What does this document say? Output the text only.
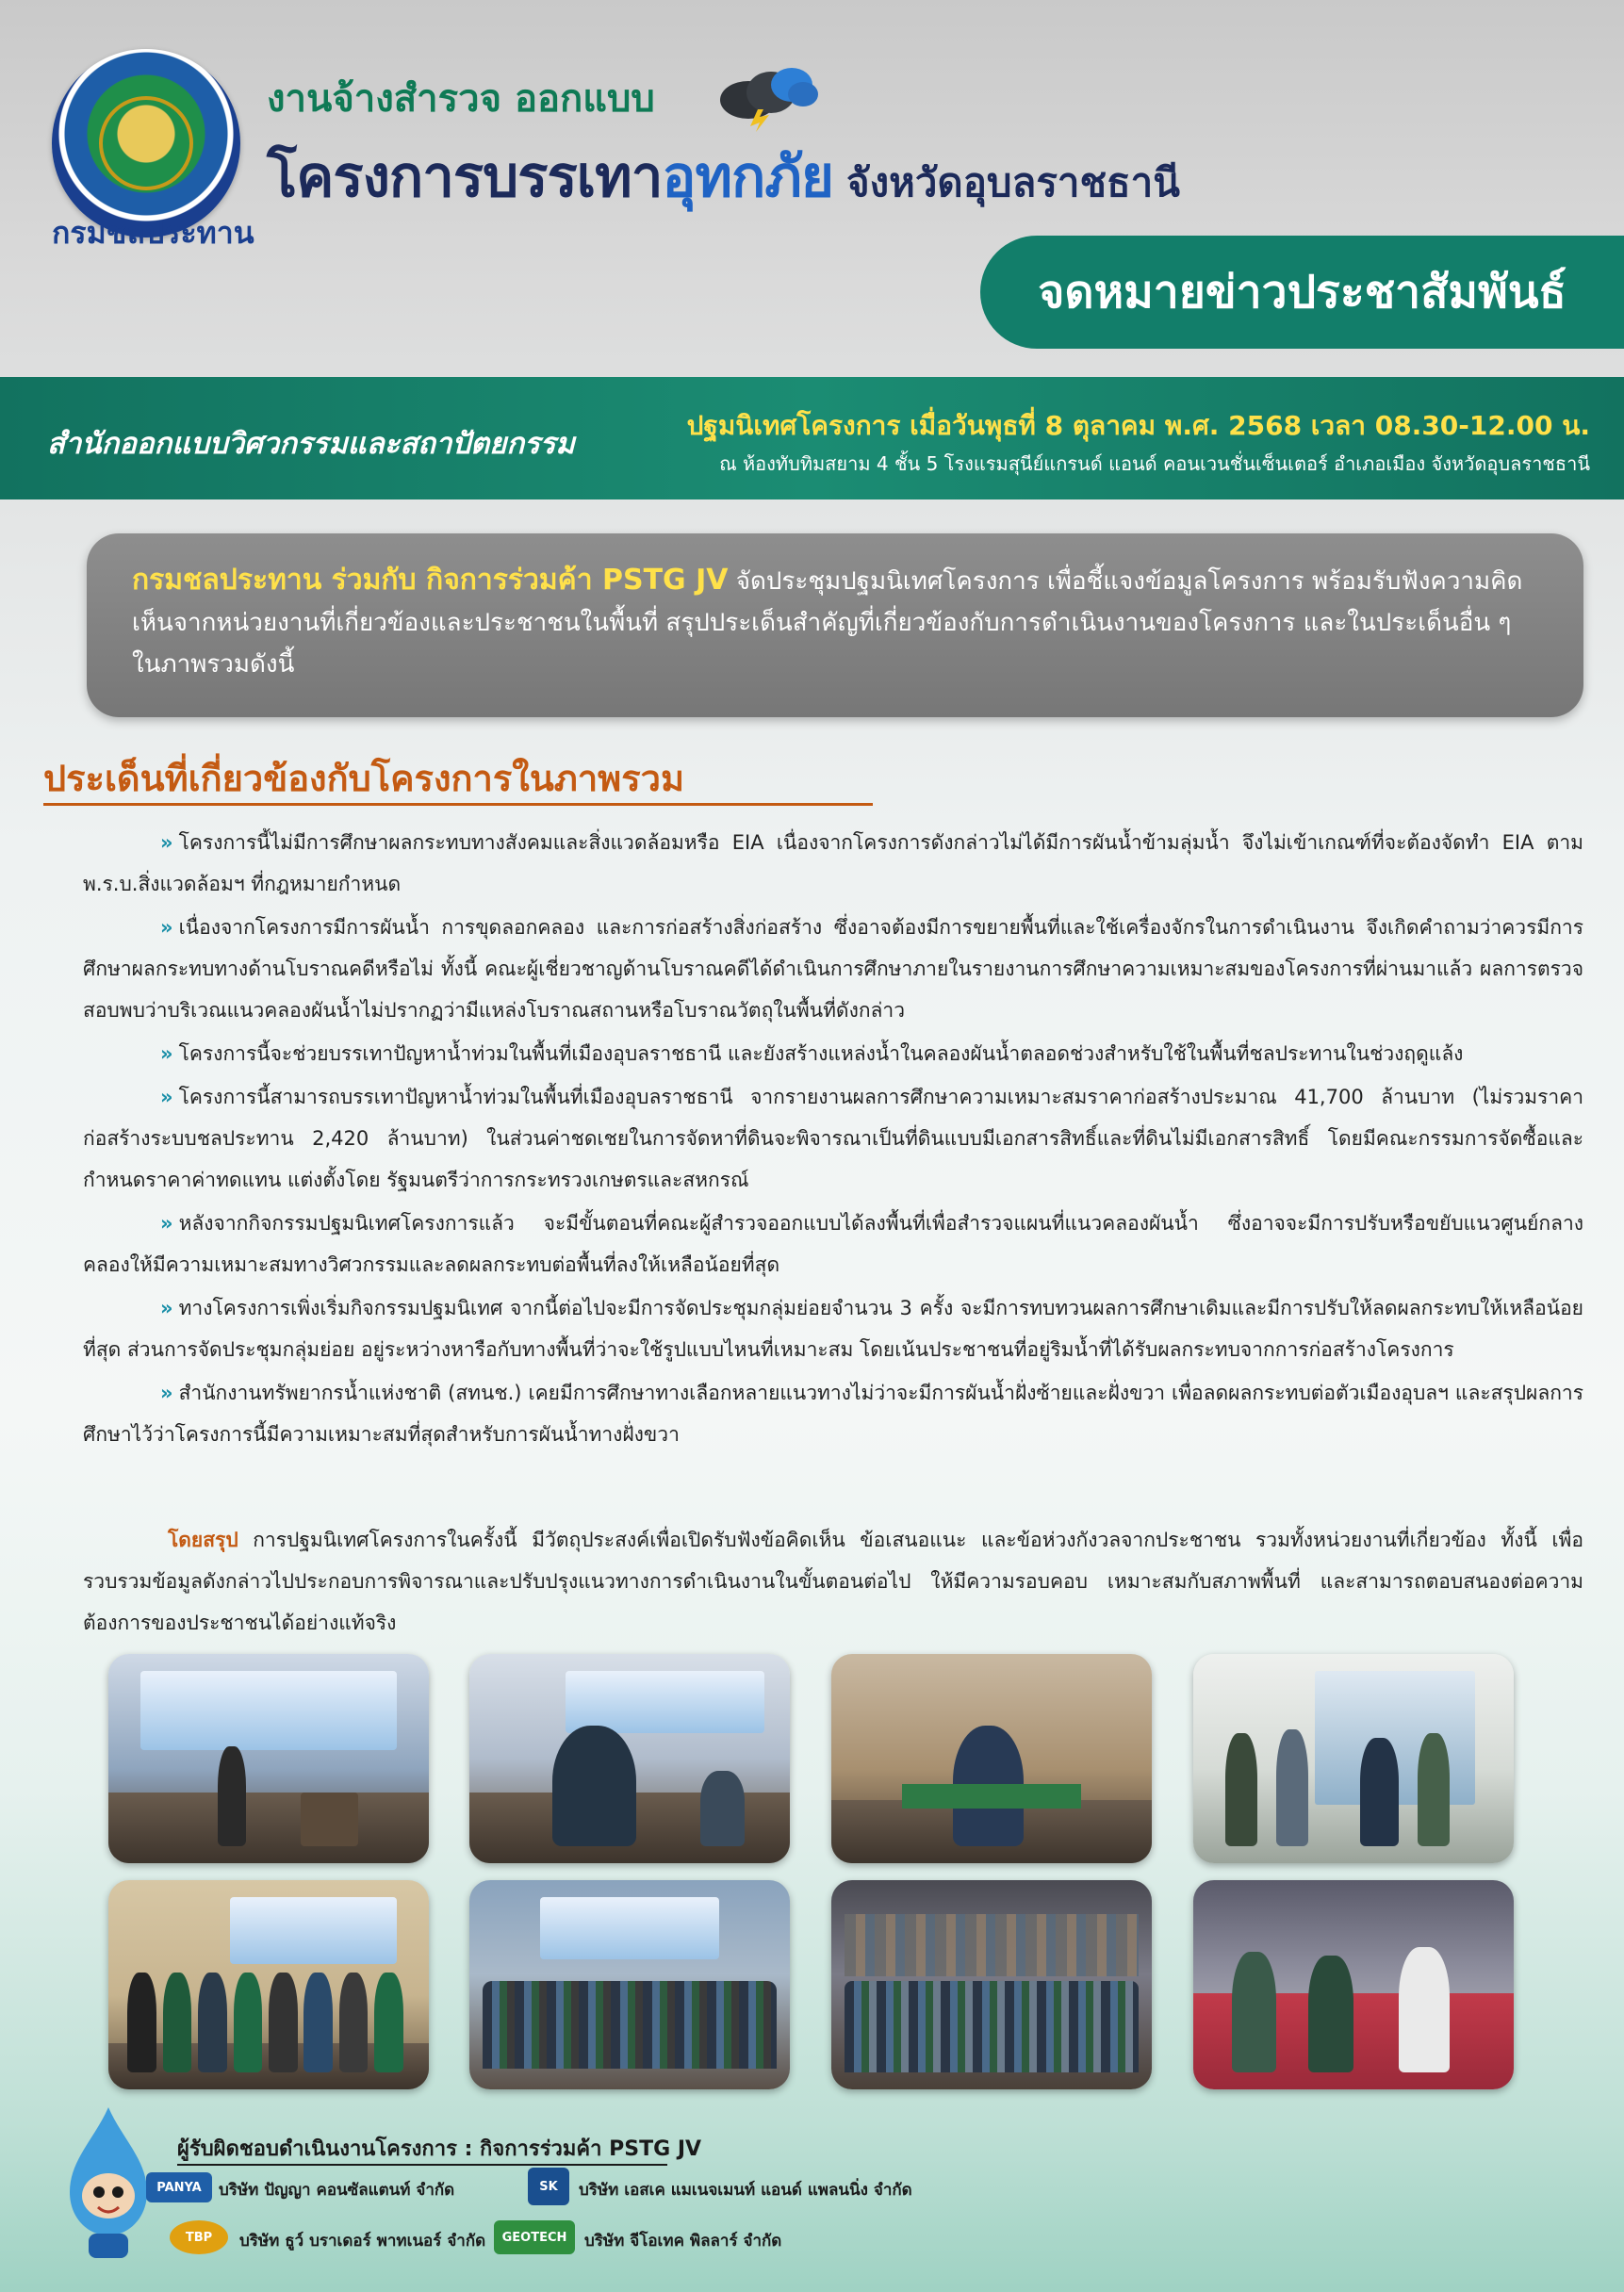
กรมชลประทาน
งานจ้างสำรวจ ออกแบบ
โครงการบรรเทาอุทกภัย จังหวัดอุบลราชธานี
จดหมายข่าวประชาสัมพันธ์
สำนักออกแบบวิศวกรรมและสถาปัตยกรรม
ปฐมนิเทศโครงการ เมื่อวันพุธที่ 8 ตุลาคม พ.ศ. 2568 เวลา 08.30-12.00 น.
ณ ห้องทับทิมสยาม 4 ชั้น 5 โรงแรมสุนีย์แกรนด์ แอนด์ คอนเวนชั่นเซ็นเตอร์ อำเภอเมือง จังหวัดอุบลราชธานี

กรมชลประทาน ร่วมกับ กิจการร่วมค้า PSTG JV จัดประชุมปฐมนิเทศโครงการ เพื่อชี้แจงข้อมูลโครงการ พร้อมรับฟังความคิดเห็นจากหน่วยงานที่เกี่ยวข้องและประชาชนในพื้นที่ สรุปประเด็นสำคัญที่เกี่ยวข้องกับการดำเนินงานของโครงการ และในประเด็นอื่น ๆ ในภาพรวมดังนี้

ประเด็นที่เกี่ยวข้องกับโครงการในภาพรวม

» โครงการนี้ไม่มีการศึกษาผลกระทบทางสังคมและสิ่งแวดล้อมหรือ EIA เนื่องจากโครงการดังกล่าวไม่ได้มีการผันน้ำข้ามลุ่มน้ำ จึงไม่เข้าเกณฑ์ที่จะต้องจัดทำ EIA ตาม พ.ร.บ.สิ่งแวดล้อมฯ ที่กฎหมายกำหนด

» เนื่องจากโครงการมีการผันน้ำ การขุดลอกคลอง และการก่อสร้างสิ่งก่อสร้าง ซึ่งอาจต้องมีการขยายพื้นที่และใช้เครื่องจักรในการดำเนินงาน จึงเกิดคำถามว่าควรมีการศึกษาผลกระทบทางด้านโบราณคดีหรือไม่ ทั้งนี้ คณะผู้เชี่ยวชาญด้านโบราณคดีได้ดำเนินการศึกษาภายในรายงานการศึกษาความเหมาะสมของโครงการที่ผ่านมาแล้ว ผลการตรวจสอบพบว่าบริเวณแนวคลองผันน้ำไม่ปรากฏว่ามีแหล่งโบราณสถานหรือโบราณวัตถุในพื้นที่ดังกล่าว

» โครงการนี้จะช่วยบรรเทาปัญหาน้ำท่วมในพื้นที่เมืองอุบลราชธานี และยังสร้างแหล่งน้ำในคลองผันน้ำตลอดช่วงสำหรับใช้ในพื้นที่ชลประทานในช่วงฤดูแล้ง

» โครงการนี้สามารถบรรเทาปัญหาน้ำท่วมในพื้นที่เมืองอุบลราชธานี จากรายงานผลการศึกษาความเหมาะสมราคาก่อสร้างประมาณ 41,700 ล้านบาท (ไม่รวมราคาก่อสร้างระบบชลประทาน 2,420 ล้านบาท) ในส่วนค่าชดเชยในการจัดหาที่ดินจะพิจารณาเป็นที่ดินแบบมีเอกสารสิทธิ์และที่ดินไม่มีเอกสารสิทธิ์ โดยมีคณะกรรมการจัดซื้อและกำหนดราคาค่าทดแทน แต่งตั้งโดย รัฐมนตรีว่าการกระทรวงเกษตรและสหกรณ์

» หลังจากกิจกรรมปฐมนิเทศโครงการแล้ว จะมีขั้นตอนที่คณะผู้สำรวจออกแบบได้ลงพื้นที่เพื่อสำรวจแผนที่แนวคลองผันน้ำ ซึ่งอาจจะมีการปรับหรือขยับแนวศูนย์กลางคลองให้มีความเหมาะสมทางวิศวกรรมและลดผลกระทบต่อพื้นที่ลงให้เหลือน้อยที่สุด

» ทางโครงการเพิ่งเริ่มกิจกรรมปฐมนิเทศ จากนี้ต่อไปจะมีการจัดประชุมกลุ่มย่อยจำนวน 3 ครั้ง จะมีการทบทวนผลการศึกษาเดิมและมีการปรับให้ลดผลกระทบให้เหลือน้อยที่สุด ส่วนการจัดประชุมกลุ่มย่อย อยู่ระหว่างหารือกับทางพื้นที่ว่าจะใช้รูปแบบไหนที่เหมาะสม โดยเน้นประชาชนที่อยู่ริมน้ำที่ได้รับผลกระทบจากการก่อสร้างโครงการ

» สำนักงานทรัพยากรน้ำแห่งชาติ (สทนช.) เคยมีการศึกษาทางเลือกหลายแนวทางไม่ว่าจะมีการผันน้ำฝั่งซ้ายและฝั่งขวา เพื่อลดผลกระทบต่อตัวเมืองอุบลฯ และสรุปผลการศึกษาไว้ว่าโครงการนี้มีความเหมาะสมที่สุดสำหรับการผันน้ำทางฝั่งขวา

โดยสรุป การปฐมนิเทศโครงการในครั้งนี้ มีวัตถุประสงค์เพื่อเปิดรับฟังข้อคิดเห็น ข้อเสนอแนะ และข้อห่วงกังวลจากประชาชน รวมทั้งหน่วยงานที่เกี่ยวข้อง ทั้งนี้ เพื่อรวบรวมข้อมูลดังกล่าวไปประกอบการพิจารณาและปรับปรุงแนวทางการดำเนินงานในขั้นตอนต่อไป ให้มีความรอบคอบ เหมาะสมกับสภาพพื้นที่ และสามารถตอบสนองต่อความต้องการของประชาชนได้อย่างแท้จริง

ผู้รับผิดชอบดำเนินงานโครงการ : กิจการร่วมค้า PSTG JV
PANYA	บริษัท ปัญญา คอนซัลแตนท์ จำกัด	SK	บริษัท เอสเค แมเนจเมนท์ แอนด์ แพลนนิ่ง จำกัด
TBP	บริษัท ธูว์ บราเดอร์ พาทเนอร์ จำกัด	GEOTECH	บริษัท จีโอเทค พิลลาร์ จำกัด
